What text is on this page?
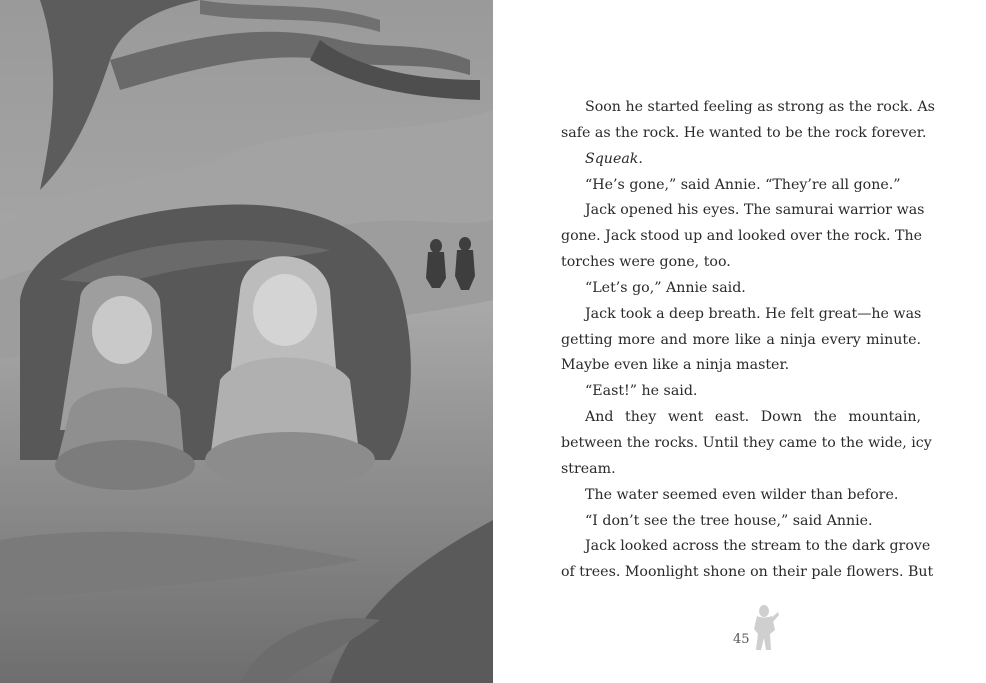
Soon he started feeling as strong as the rock. As
safe as the rock. He wanted to be the rock forever.
Squeak.
“He’s gone,” said Annie. “They’re all gone.”
Jack opened his eyes. The samurai warrior was
gone. Jack stood up and looked over the rock. The
torches were gone, too.
“Let’s go,” Annie said.
Jack took a deep breath. He felt great—he was
getting more and more like a ninja every minute.
Maybe even like a ninja master.
“East!” he said.
And they went east. Down the mountain,
between the rocks. Until they came to the wide, icy
stream.
The water seemed even wilder than before.
“I don’t see the tree house,” said Annie.
Jack looked across the stream to the dark grove
of trees. Moonlight shone on their pale flowers. But
45
